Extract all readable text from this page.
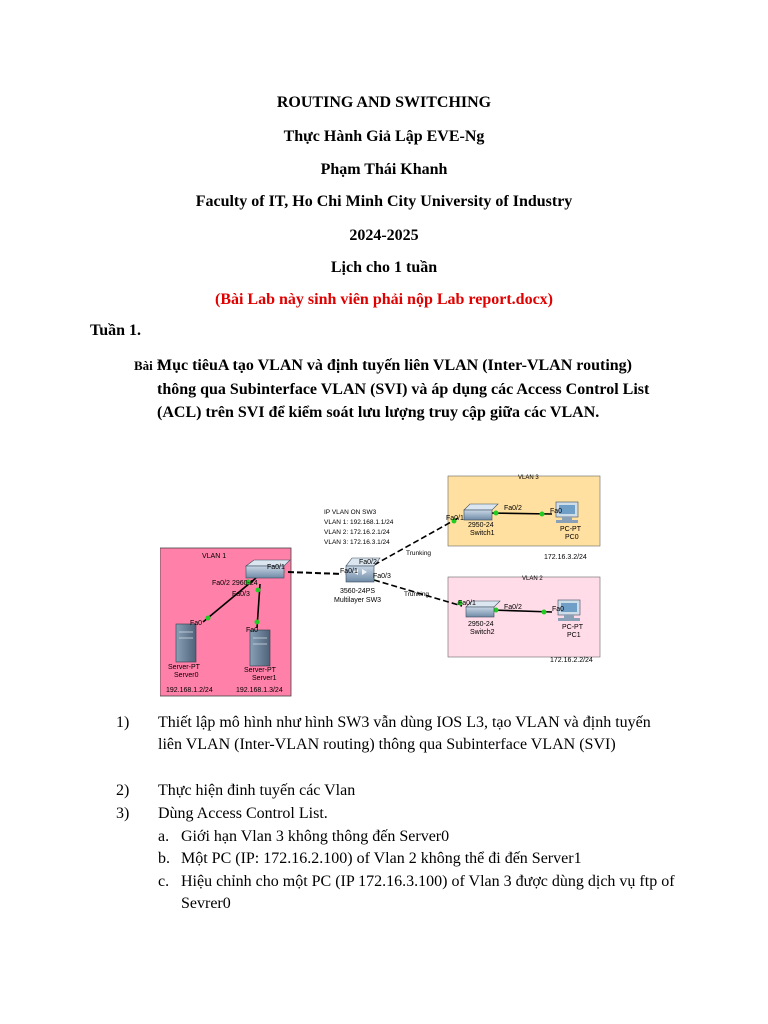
ROUTING AND SWITCHING
Thực Hành Giả Lập EVE-Ng
Phạm Thái Khanh
Faculty of IT, Ho Chi Minh City University of Industry
2024-2025
Lịch cho 1 tuần
(Bài Lab này sinh viên phải nộp Lab report.docx)
Tuần 1.
Bài 1.
Mục tiêuA tạo VLAN và định tuyến liên VLAN (Inter-VLAN routing) thông qua Subinterface VLAN (SVI) và áp dụng các Access Control List (ACL) trên SVI để kiểm soát lưu lượng truy cập giữa các VLAN.
VLAN 1
VLAN 3
VLAN 2
2960-24
Fa0/1
Fa0/2
Fa0/3
Fa0
Server-PT
Server0
192.168.1.2/24
Fa0
Server-PT
Server1
192.168.1.3/24
IP VLAN ON SW3
VLAN 1: 192.168.1.1/24
VLAN 2: 172.16.2.1/24
VLAN 3: 172.16.3.1/24
Fa0/1
Fa0/2
Fa0/3
3560-24PS
Multilayer SW3
Trunking
Trunking
Fa0/1
Fa0/2
2950-24
Switch1
Fa0
PC-PT
PC0
172.16.3.2/24
Fa0/1
Fa0/2
2950-24
Switch2
Fa0
PC-PT
PC1
172.16.2.2/24
1) Thiết lập mô hình như hình SW3 vẫn dùng IOS L3, tạo VLAN và định tuyến liên VLAN (Inter-VLAN routing) thông qua Subinterface VLAN (SVI)
2) Thực hiện đinh tuyến các Vlan
3) Dùng Access Control List.
a. Giới hạn Vlan 3 không thông đến Server0
b. Một PC (IP: 172.16.2.100) of Vlan 2 không thể đi đến Server1
c. Hiệu chỉnh cho một PC (IP 172.16.3.100) of Vlan 3 được dùng dịch vụ ftp of Sevrer0
